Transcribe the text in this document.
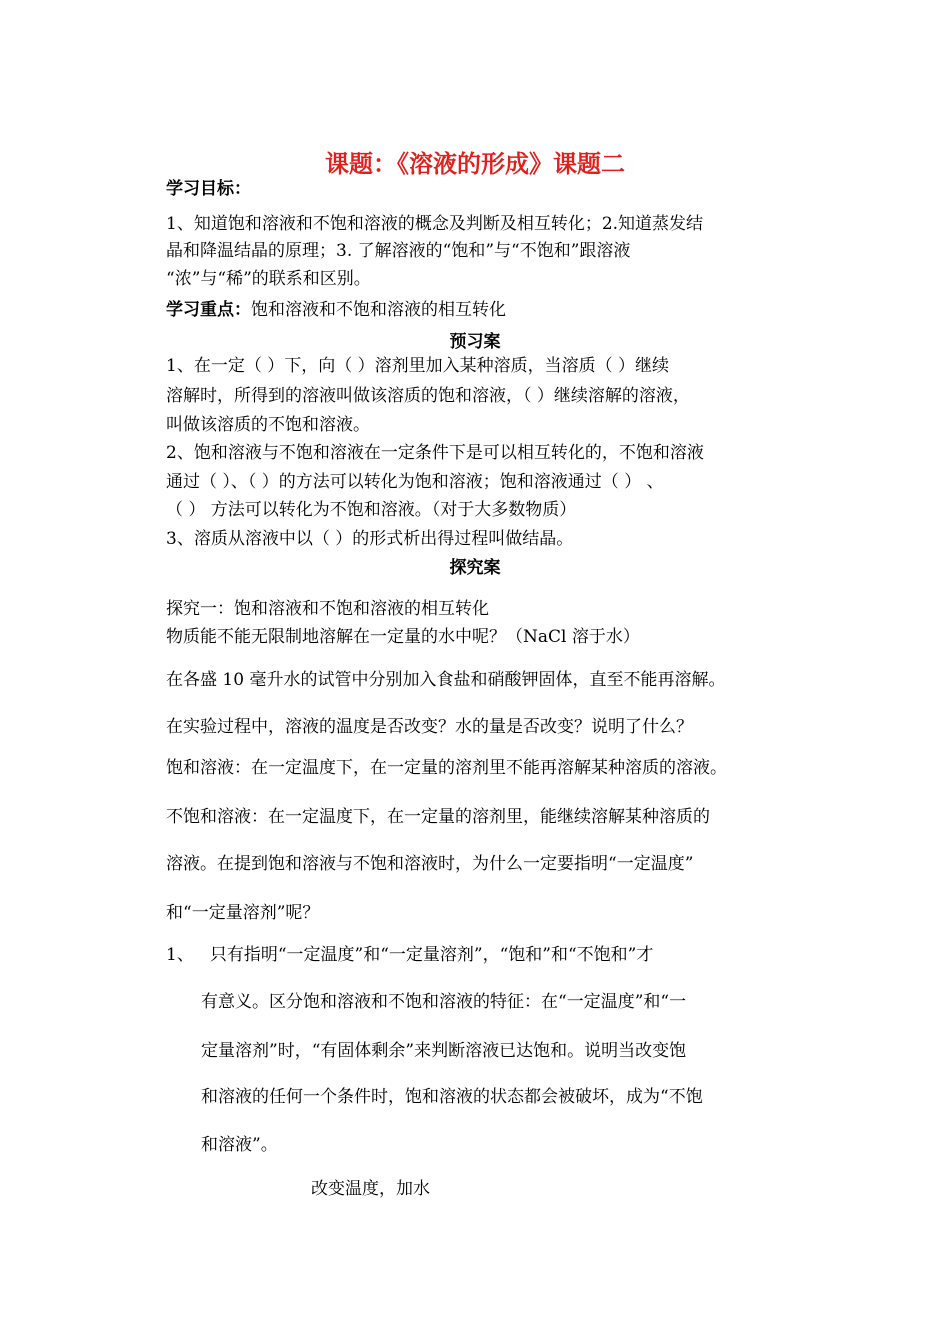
课题：《溶液的形成》课题二
学习目标：
1、知道饱和溶液和不饱和溶液的概念及判断及相互转化；2.知道蒸发结
晶和降温结晶的原理；3. 了解溶液的“饱和”与“不饱和”跟溶液
“浓”与“稀”的联系和区别。
学习重点：饱和溶液和不饱和溶液的相互转化
预习案
1、在一定（ ）下，向（ ）溶剂里加入某种溶质，当溶质（ ）继续
溶解时，所得到的溶液叫做该溶质的饱和溶液，（ ）继续溶解的溶液，
叫做该溶质的不饱和溶液。
2、饱和溶液与不饱和溶液在一定条件下是可以相互转化的，不饱和溶液
通过（ ）、（ ）的方法可以转化为饱和溶液；饱和溶液通过（ ） 、
（ ） 方法可以转化为不饱和溶液。（对于大多数物质）
3、溶质从溶液中以（ ）的形式析出得过程叫做结晶。
探究案
探究一：饱和溶液和不饱和溶液的相互转化
物质能不能无限制地溶解在一定量的水中呢？（NaCl 溶于水）
在各盛 10 毫升水的试管中分别加入食盐和硝酸钾固体，直至不能再溶解。
在实验过程中，溶液的温度是否改变？水的量是否改变？说明了什么？
饱和溶液：在一定温度下，在一定量的溶剂里不能再溶解某种溶质的溶液。
不饱和溶液：在一定温度下，在一定量的溶剂里，能继续溶解某种溶质的
溶液。在提到饱和溶液与不饱和溶液时，为什么一定要指明“一定温度”
和“一定量溶剂”呢？
1、 只有指明“一定温度”和“一定量溶剂”，“饱和”和“不饱和”才
有意义。区分饱和溶液和不饱和溶液的特征：在“一定温度”和“一
定量溶剂”时，“有固体剩余”来判断溶液已达饱和。说明当改变饱
和溶液的任何一个条件时，饱和溶液的状态都会被破坏，成为“不饱
和溶液”。
改变温度，加水
